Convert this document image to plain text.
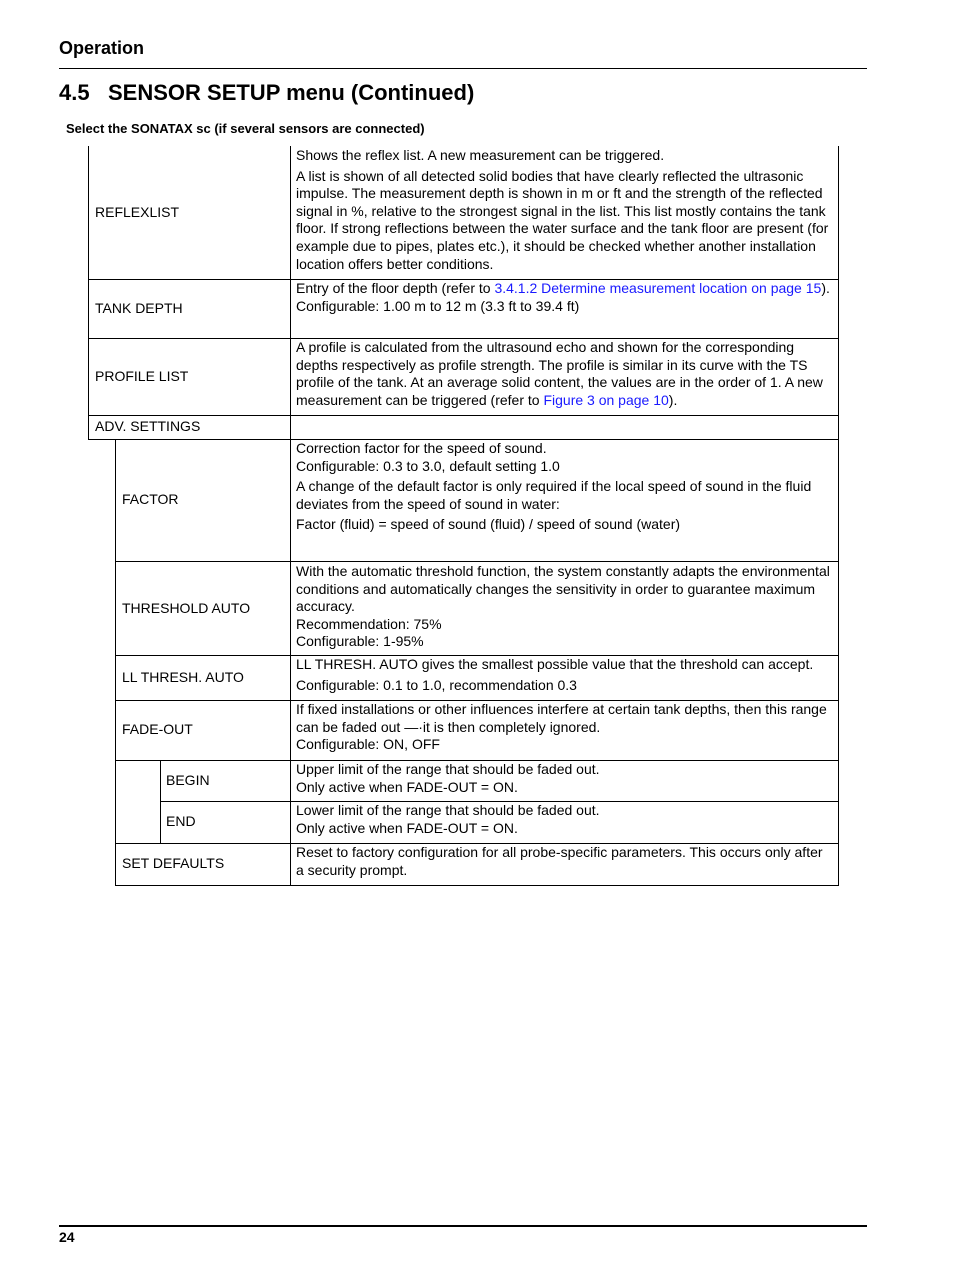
Operation
4.5 SENSOR SETUP menu (Continued)
Select the SONATAX sc (if several sensors are connected)
REFLEXLIST

Shows the reflex list. A new measurement can be triggered.

A list is shown of all detected solid bodies that have clearly reflected the ultrasonic impulse. The measurement depth is shown in m or ft and the strength of the reflected signal in %, relative to the strongest signal in the list. This list mostly contains the tank floor. If strong reflections between the water surface and the tank floor are present (for example due to pipes, plates etc.), it should be checked whether another installation location offers better conditions.

TANK DEPTH
Entry of the floor depth (refer to 3.4.1.2 Determine measurement location on page 15).
Configurable: 1.00 m to 12 m (3.3 ft to 39.4 ft)
PROFILE LIST
A profile is calculated from the ultrasound echo and shown for the corresponding depths respectively as profile strength. The profile is similar in its curve with the TS profile of the tank. At an average solid content, the values are in the order of 1. A new measurement can be triggered (refer to Figure 3 on page 10).
ADV. SETTINGS
FACTOR
Correction factor for the speed of sound.

Configurable: 0.3 to 3.0, default setting 1.0

A change of the default factor is only required if the local speed of sound in the fluid deviates from the speed of sound in water:

Factor (fluid) = speed of sound (fluid) / speed of sound (water)

THRESHOLD AUTO
With the automatic threshold function, the system constantly adapts the environmental conditions and automatically changes the sensitivity in order to guarantee maximum accuracy.
Recommendation: 75%
Configurable: 1-95%
LL THRESH. AUTO

LL THRESH. AUTO gives the smallest possible value that the threshold can accept.

Configurable: 0.1 to 1.0, recommendation 0.3

FADE-OUT
If fixed installations or other influences interfere at certain tank depths, then this range can be faded out —·it is then completely ignored.
Configurable: ON, OFF
BEGIN
Upper limit of the range that should be faded out.
Only active when FADE-OUT = ON.
END
Lower limit of the range that should be faded out.
Only active when FADE-OUT = ON.
SET DEFAULTS
Reset to factory configuration for all probe-specific parameters. This occurs only after a security prompt.
24
